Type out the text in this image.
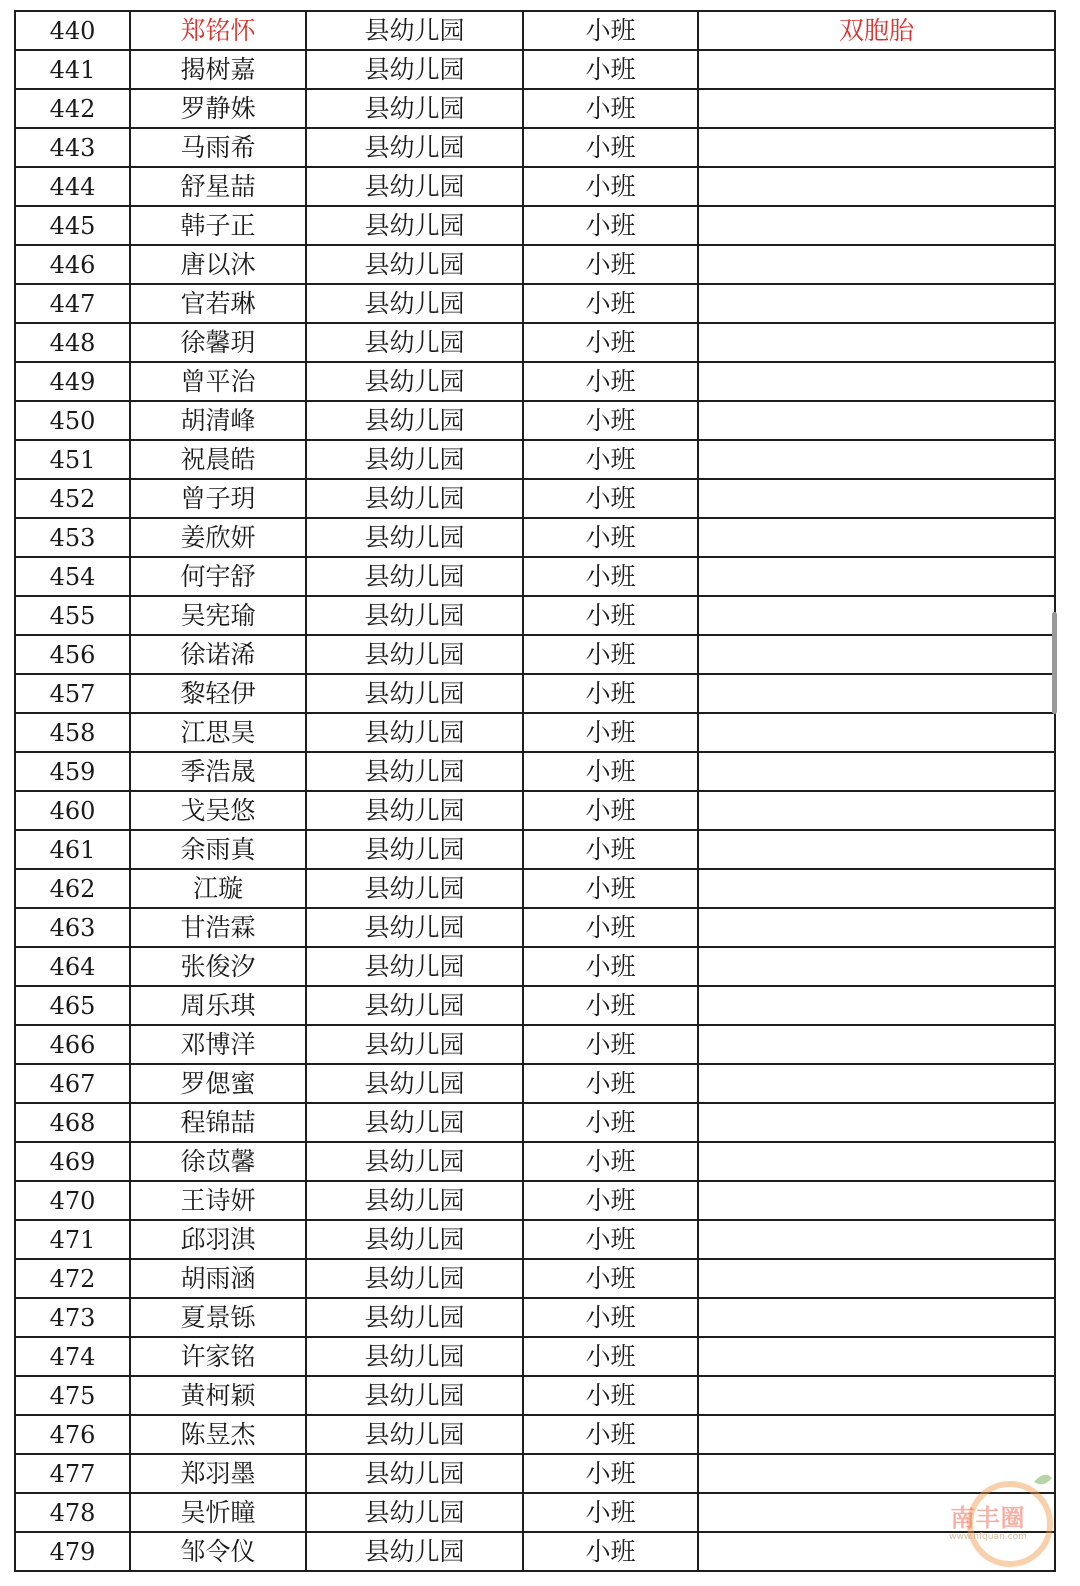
440	郑铭怀	县幼儿园	小班	双胞胎
441	揭树嘉	县幼儿园	小班	
442	罗静姝	县幼儿园	小班	
443	马雨希	县幼儿园	小班	
444	舒星喆	县幼儿园	小班	
445	韩子正	县幼儿园	小班	
446	唐以沐	县幼儿园	小班	
447	官若琳	县幼儿园	小班	
448	徐馨玥	县幼儿园	小班	
449	曾平治	县幼儿园	小班	
450	胡清峰	县幼儿园	小班	
451	祝晨皓	县幼儿园	小班	
452	曾子玥	县幼儿园	小班	
453	姜欣妍	县幼儿园	小班	
454	何宇舒	县幼儿园	小班	
455	吴宪瑜	县幼儿园	小班	
456	徐诺浠	县幼儿园	小班	
457	黎轻伊	县幼儿园	小班	
458	江思昊	县幼儿园	小班	
459	季浩晟	县幼儿园	小班	
460	戈吴悠	县幼儿园	小班	
461	余雨真	县幼儿园	小班	
462	江璇	县幼儿园	小班	
463	甘浩霖	县幼儿园	小班	
464	张俊汐	县幼儿园	小班	
465	周乐琪	县幼儿园	小班	
466	邓博洋	县幼儿园	小班	
467	罗偲蜜	县幼儿园	小班	
468	程锦喆	县幼儿园	小班	
469	徐苡馨	县幼儿园	小班	
470	王诗妍	县幼儿园	小班	
471	邱羽淇	县幼儿园	小班	
472	胡雨涵	县幼儿园	小班	
473	夏景铄	县幼儿园	小班	
474	许家铭	县幼儿园	小班	
475	黄柯颖	县幼儿园	小班	
476	陈昱杰	县幼儿园	小班	
477	郑羽墨	县幼儿园	小班	
478	吴忻瞳	县幼儿园	小班	
479	邹令仪	县幼儿园	小班	
南丰圈
www.nfquan.com
